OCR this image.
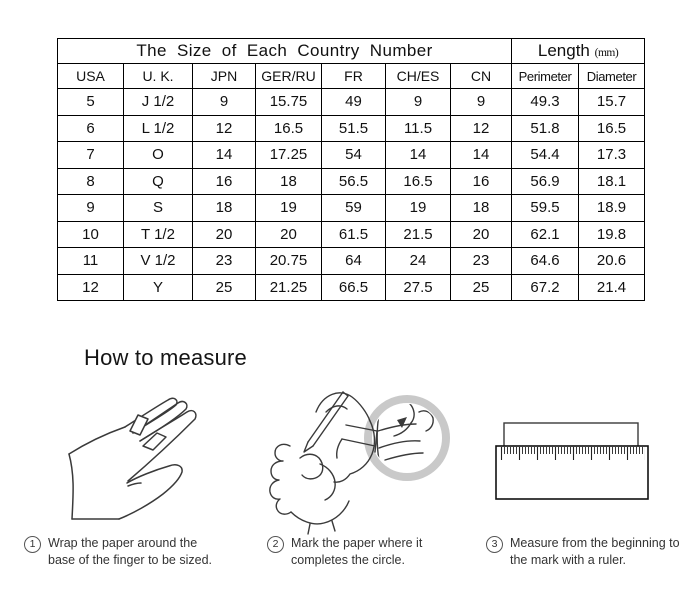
The Size of Each Country Number							Length (mm)	
USA	U. K.	JPN	GER/RU	FR	CH/ES	CN	Perimeter	Diameter
5	J 1/2	9	15.75	49	9	9	49.3	15.7
6	L 1/2	12	16.5	51.5	11.5	12	51.8	16.5
7	O	14	17.25	54	14	14	54.4	17.3
8	Q	16	18	56.5	16.5	16	56.9	18.1
9	S	18	19	59	19	18	59.5	18.9
10	T 1/2	20	20	61.5	21.5	20	62.1	19.8
11	V 1/2	23	20.75	64	24	23	64.6	20.6
12	Y	25	21.25	66.5	27.5	25	67.2	21.4
How to measure
1	Wrap the paper around the
base of the finger to be sized.
2	Mark the paper where it
completes the circle.
3	Measure from the beginning to
the mark with a ruler.
